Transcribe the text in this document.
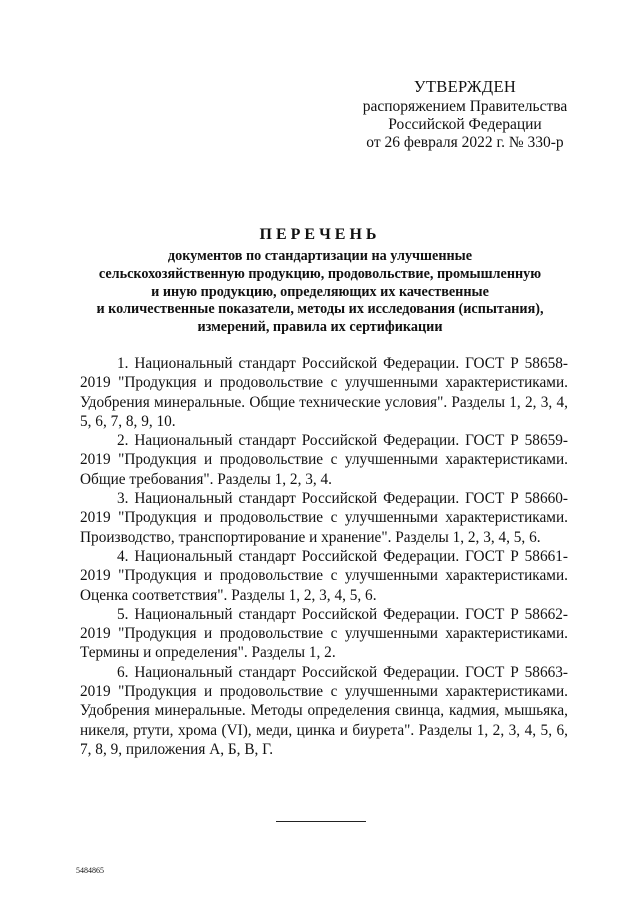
УТВЕРЖДЕН
распоряжением Правительства
Российской Федерации
от 26 февраля 2022 г. № 330-р
ПЕРЕЧЕНЬ
документов по стандартизации на улучшенные
сельскохозяйственную продукцию, продовольствие, промышленную
и иную продукцию, определяющих их качественные
и количественные показатели, методы их исследования (испытания),
измерений, правила их сертификации

1. Национальный стандарт Российской Федерации. ГОСТ Р 58658-2019 "Продукция и продовольствие с улучшенными характеристиками. Удобрения минеральные. Общие технические условия". Разделы 1, 2, 3, 4, 5, 6, 7, 8, 9, 10.

2. Национальный стандарт Российской Федерации. ГОСТ Р 58659-2019 "Продукция и продовольствие с улучшенными характеристиками. Общие требования". Разделы 1, 2, 3, 4.

3. Национальный стандарт Российской Федерации. ГОСТ Р 58660-2019 "Продукция и продовольствие с улучшенными характеристиками. Производство, транспортирование и хранение". Разделы 1, 2, 3, 4, 5, 6.

4. Национальный стандарт Российской Федерации. ГОСТ Р 58661-2019 "Продукция и продовольствие с улучшенными характеристиками. Оценка соответствия". Разделы 1, 2, 3, 4, 5, 6.

5. Национальный стандарт Российской Федерации. ГОСТ Р 58662-2019 "Продукция и продовольствие с улучшенными характеристиками. Термины и определения". Разделы 1, 2.

6. Национальный стандарт Российской Федерации. ГОСТ Р 58663-2019 "Продукция и продовольствие с улучшенными характеристиками. Удобрения минеральные. Методы определения свинца, кадмия, мышьяка, никеля, ртути, хрома (VI), меди, цинка и биурета". Разделы 1, 2, 3, 4, 5, 6, 7, 8, 9, приложения А, Б, В, Г.

5484865
